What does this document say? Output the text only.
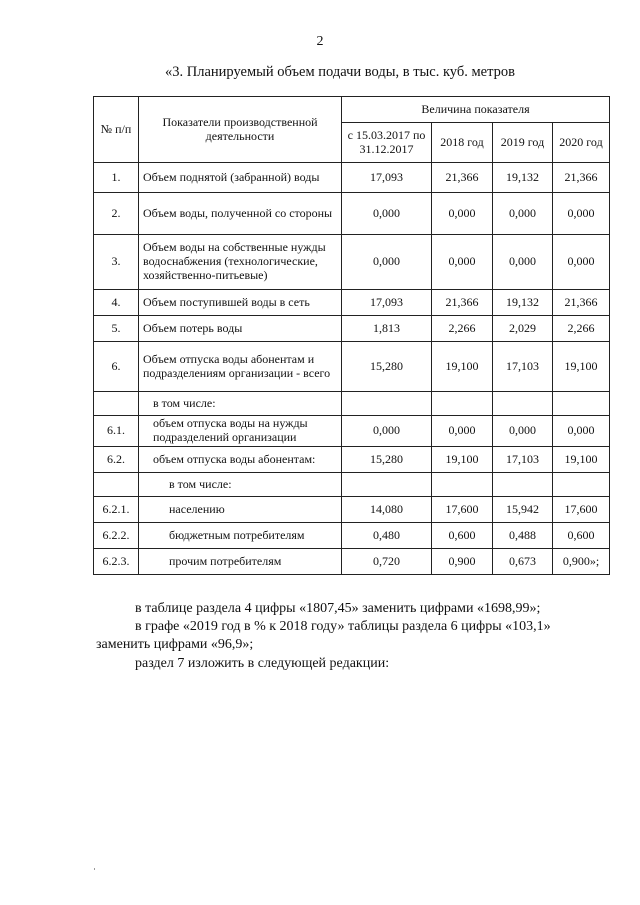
2
«3. Планируемый объем подачи воды, в тыс. куб. метров
№ п/п	Показатели производственной деятельности	Величина показателя			
		с 15.03.2017 по 31.12.2017	2018 год	2019 год	2020 год
1.	Объем поднятой (забранной) воды	17,093	21,366	19,132	21,366
2.	Объем воды, полученной со стороны	0,000	0,000	0,000	0,000
3.	Объем воды на собственные нужды водоснабжения (технологические, хозяйственно-питьевые)	0,000	0,000	0,000	0,000
4.	Объем поступившей воды в сеть	17,093	21,366	19,132	21,366
5.	Объем потерь воды	1,813	2,266	2,029	2,266
6.	Объем отпуска воды абонентам и подразделениям организации - всего	15,280	19,100	17,103	19,100
	в том числе:				
6.1.	объем отпуска воды на нужды подразделений организации	0,000	0,000	0,000	0,000
6.2.	объем отпуска воды абонентам:	15,280	19,100	17,103	19,100
	в том числе:				
6.2.1.	населению	14,080	17,600	15,942	17,600
6.2.2.	бюджетным потребителям	0,480	0,600	0,488	0,600
6.2.3.	прочим потребителям	0,720	0,900	0,673	0,900»;
в таблице раздела 4 цифры «1807,45» заменить цифрами «1698,99»;
в графе «2019 год в % к 2018 году» таблицы раздела 6 цифры «103,1»
заменить цифрами «96,9»;
раздел 7 изложить в следующей редакции:
